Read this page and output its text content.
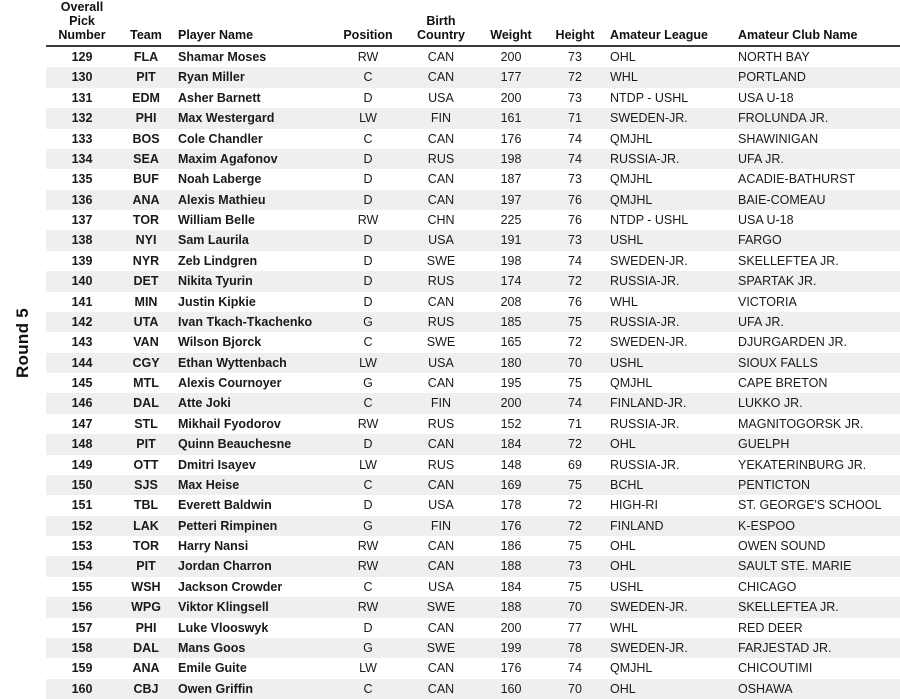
Round 5
Overall Pick
Number	Team	Player Name	Position	Birth
Country	Weight	Height	Amateur League	Amateur Club Name

129	FLA	Shamar Moses	RW	CAN	200	73	OHL	NORTH BAY
130	PIT	Ryan Miller	C	CAN	177	72	WHL	PORTLAND
131	EDM	Asher Barnett	D	USA	200	73	NTDP - USHL	USA U-18
132	PHI	Max Westergard	LW	FIN	161	71	SWEDEN-JR.	FROLUNDA JR.
133	BOS	Cole Chandler	C	CAN	176	74	QMJHL	SHAWINIGAN
134	SEA	Maxim Agafonov	D	RUS	198	74	RUSSIA-JR.	UFA JR.
135	BUF	Noah Laberge	D	CAN	187	73	QMJHL	ACADIE-BATHURST
136	ANA	Alexis Mathieu	D	CAN	197	76	QMJHL	BAIE-COMEAU
137	TOR	William Belle	RW	CHN	225	76	NTDP - USHL	USA U-18
138	NYI	Sam Laurila	D	USA	191	73	USHL	FARGO
139	NYR	Zeb Lindgren	D	SWE	198	74	SWEDEN-JR.	SKELLEFTEA JR.
140	DET	Nikita Tyurin	D	RUS	174	72	RUSSIA-JR.	SPARTAK JR.
141	MIN	Justin Kipkie	D	CAN	208	76	WHL	VICTORIA
142	UTA	Ivan Tkach-Tkachenko	G	RUS	185	75	RUSSIA-JR.	UFA JR.
143	VAN	Wilson Bjorck	C	SWE	165	72	SWEDEN-JR.	DJURGARDEN JR.
144	CGY	Ethan Wyttenbach	LW	USA	180	70	USHL	SIOUX FALLS
145	MTL	Alexis Cournoyer	G	CAN	195	75	QMJHL	CAPE BRETON
146	DAL	Atte Joki	C	FIN	200	74	FINLAND-JR.	LUKKO JR.
147	STL	Mikhail Fyodorov	RW	RUS	152	71	RUSSIA-JR.	MAGNITOGORSK JR.
148	PIT	Quinn Beauchesne	D	CAN	184	72	OHL	GUELPH
149	OTT	Dmitri Isayev	LW	RUS	148	69	RUSSIA-JR.	YEKATERINBURG JR.
150	SJS	Max Heise	C	CAN	169	75	BCHL	PENTICTON
151	TBL	Everett Baldwin	D	USA	178	72	HIGH-RI	ST. GEORGE'S SCHOOL
152	LAK	Petteri Rimpinen	G	FIN	176	72	FINLAND	K-ESPOO
153	TOR	Harry Nansi	RW	CAN	186	75	OHL	OWEN SOUND
154	PIT	Jordan Charron	RW	CAN	188	73	OHL	SAULT STE. MARIE
155	WSH	Jackson Crowder	C	USA	184	75	USHL	CHICAGO
156	WPG	Viktor Klingsell	RW	SWE	188	70	SWEDEN-JR.	SKELLEFTEA JR.
157	PHI	Luke Vlooswyk	D	CAN	200	77	WHL	RED DEER
158	DAL	Mans Goos	G	SWE	199	78	SWEDEN-JR.	FARJESTAD JR.
159	ANA	Emile Guite	LW	CAN	176	74	QMJHL	CHICOUTIMI
160	CBJ	Owen Griffin	C	CAN	160	70	OHL	OSHAWA
